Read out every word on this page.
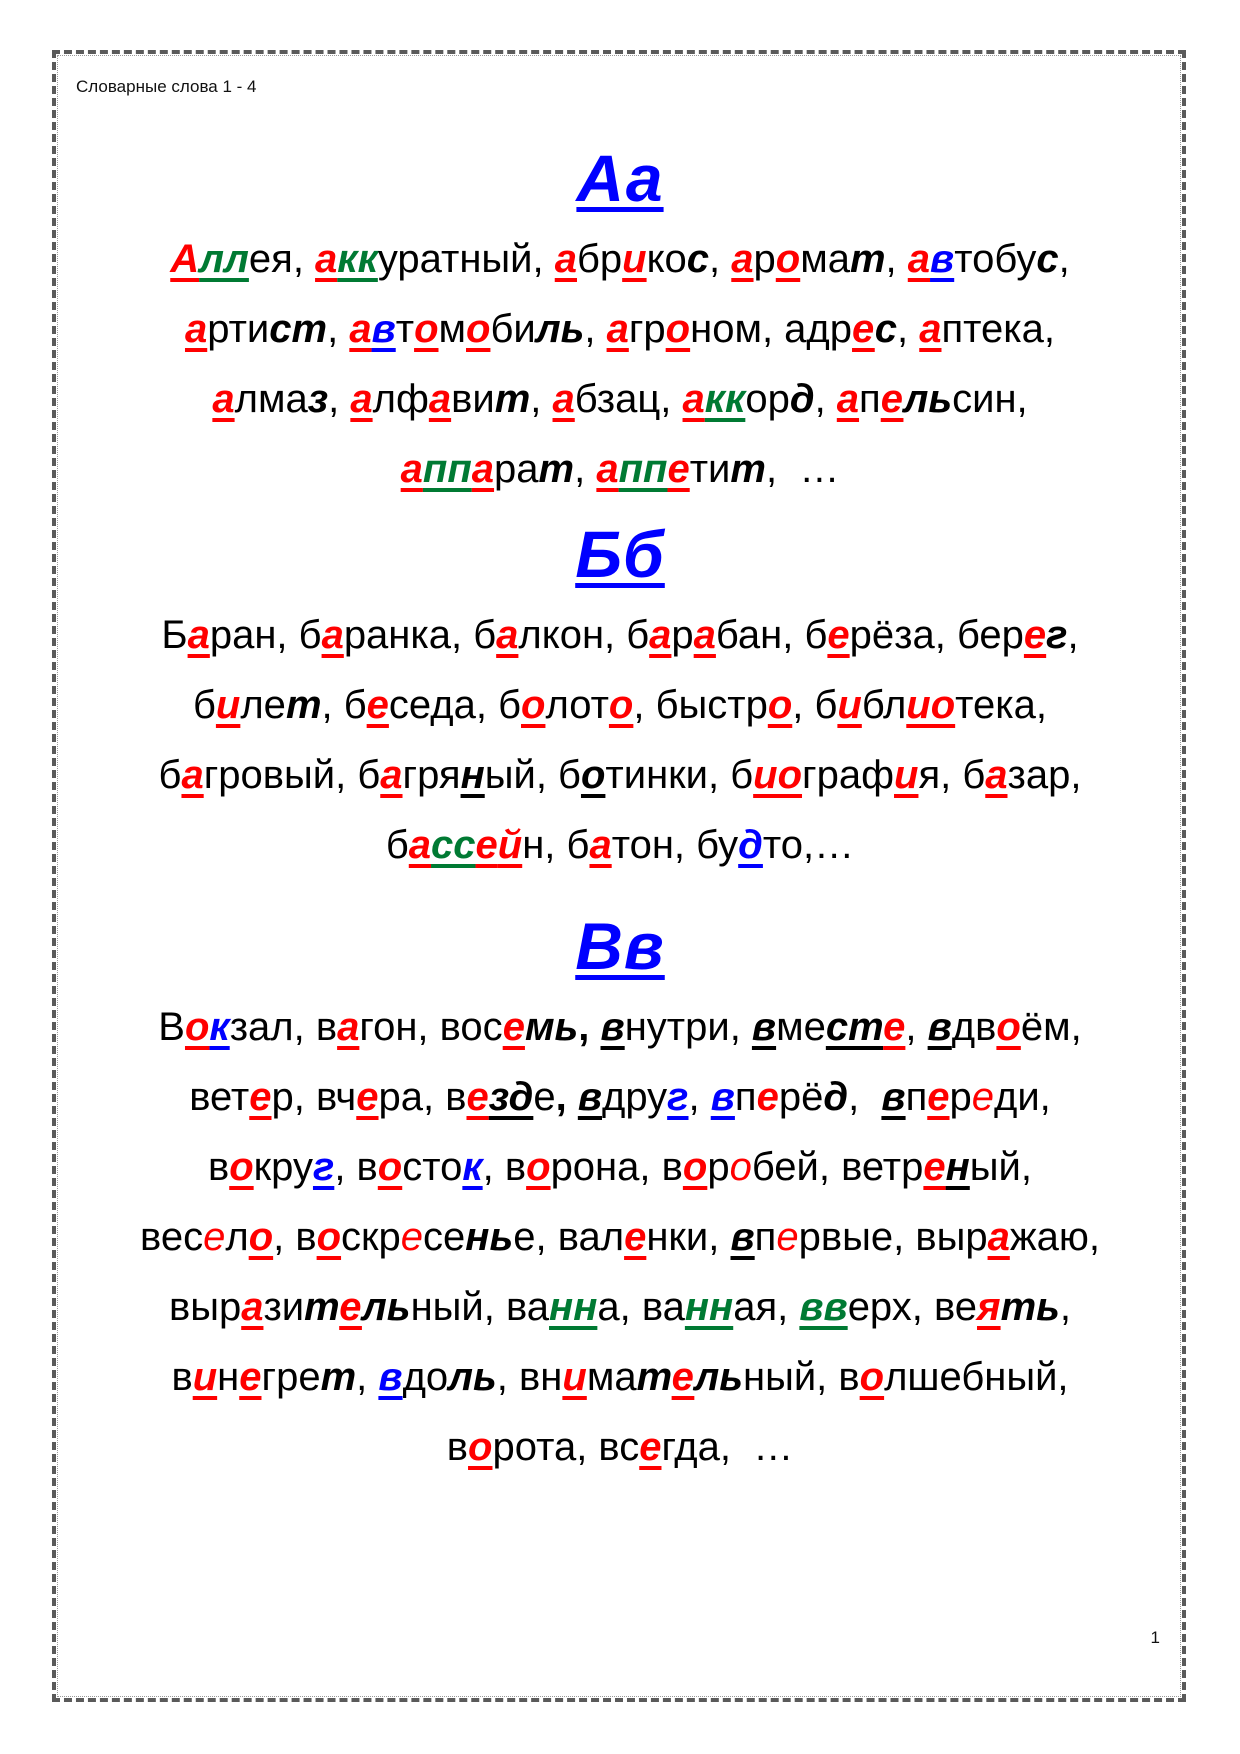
Словарные слова 1 - 4
Аа
Аллея, аккуратный, абрикос, аромат, автобус,
артист, автомобиль, агроном, адрес, аптека,
алмаз, алфавит, абзац, аккорд, апельсин,
аппарат, аппетит,  …
Бб
Баран, баранка, балкон, барабан, берёза, берег,
билет, беседа, болото, быстро, библиотека,
багровый, багряный, ботинки, биография, базар,
бассейн, батон, будто,…
Вв
Вокзал, вагон, восемь, внутри, вместе, вдвоём,
ветер, вчера, везде, вдруг, вперёд,  впереди,
вокруг, восток, ворона, воробей, ветреный,
весело, воскресенье, валенки, впервые, выражаю,
выразительный, ванна, ванная, вверх, веять,
винегрет, вдоль, внимательный, волшебный,
ворота, всегда,  …
1
